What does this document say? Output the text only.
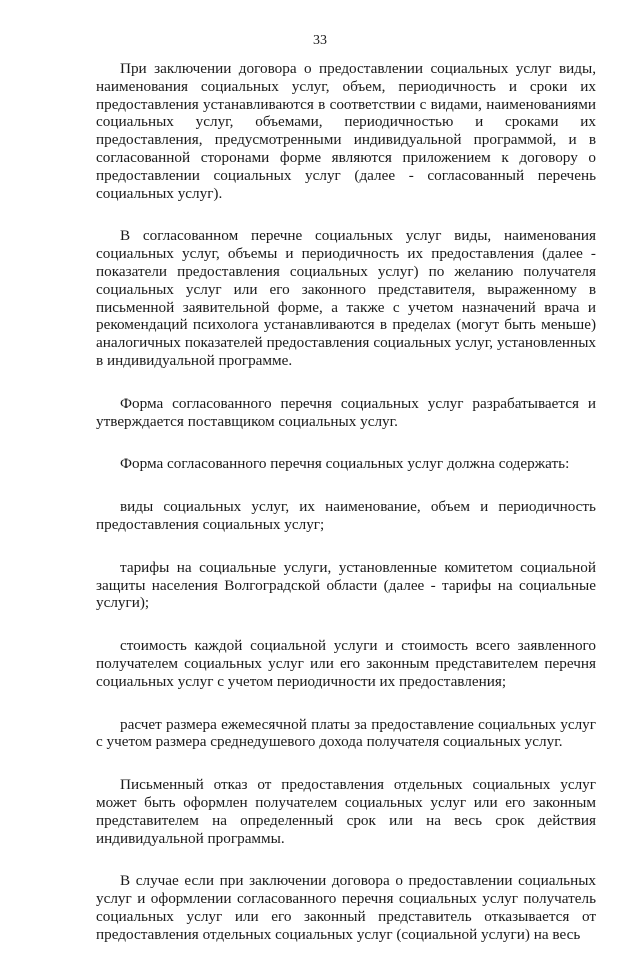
33

При заключении договора о предоставлении социальных услуг виды, наименования социальных услуг, объем, периодичность и сроки их предоставления устанавливаются в соответствии с видами, наименованиями социальных услуг, объемами, периодичностью и сроками их предоставления, предусмотренными индивидуальной программой, и в согласованной сторонами форме являются приложением к договору о предоставлении социальных услуг (далее - согласованный перечень социальных услуг).

В согласованном перечне социальных услуг виды, наименования социальных услуг, объемы и периодичность их предоставления (далее - показатели предоставления социальных услуг) по желанию получателя социальных услуг или его законного представителя, выраженному в письменной заявительной форме, а также с учетом назначений врача и рекомендаций психолога устанавливаются в пределах (могут быть меньше) аналогичных показателей предоставления социальных услуг, установленных в индивидуальной программе.

Форма согласованного перечня социальных услуг разрабатывается и утверждается поставщиком социальных услуг.

Форма согласованного перечня социальных услуг должна содержать:

виды социальных услуг, их наименование, объем и периодичность предоставления социальных услуг;

тарифы на социальные услуги, установленные комитетом социальной защиты населения Волгоградской области (далее - тарифы на социальные услуги);

стоимость каждой социальной услуги и стоимость всего заявленного получателем социальных услуг или его законным представителем перечня социальных услуг с учетом периодичности их предоставления;

расчет размера ежемесячной платы за предоставление социальных услуг с учетом размера среднедушевого дохода получателя социальных услуг.

Письменный отказ от предоставления отдельных социальных услуг может быть оформлен получателем социальных услуг или его законным представителем на определенный срок или на весь срок действия индивидуальной программы.

В случае если при заключении договора о предоставлении социальных услуг и оформлении согласованного перечня социальных услуг получатель социальных услуг или его законный представитель отказывается от предоставления отдельных социальных услуг (социальной услуги) на весь
